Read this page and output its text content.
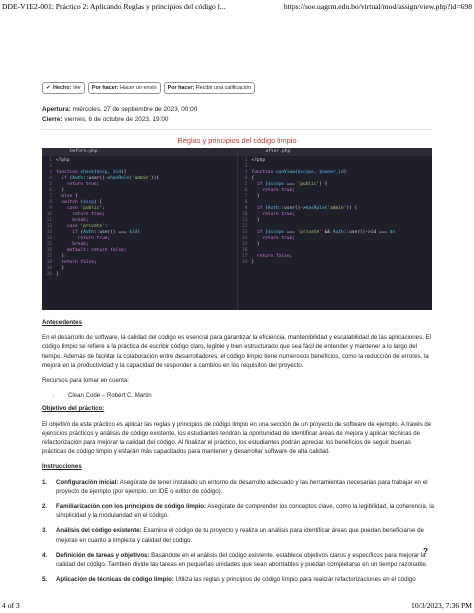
DDE-V1E2-001: Práctico 2: Aplicando Reglas y principios del código l...	https://soe.uagrm.edu.bo/virtual/mod/assign/view.php?id=698
✔ Hecho: Ver	Por hacer: Hacer un envío	Por hacer: Recibir una calificación
Apertura: miércoles, 27 de septiembre de 2023, 00:00
Cierre: viernes, 6 de octubre de 2023, 19:00
Reglas y principios del código limpio
before.php
1 <?php
2
3 function check($scp, $id){
4	if (Auth::user()->hasRole('admin')){
5	return true;
6 }
7	else {
8	switch ($scp) {
9	case 'public':
10	return true;
11	break;
12	case 'private':
13	if (Auth::user() === $id)
14	return true;
15	break;
16	default: return false;
17 }
18	return false;
19 }
20 }
after.php
1 <?php
2
3 function canView($scope, $owner_id)
4 {
5	if ($scope === 'public') {
6	return true;
7 }
8
9	if (Auth::user()->hasRole('admin')) {
10	return true;
11 }
12
13	if ($scope === 'private' && Auth::user()->id === $o
14	return true;
15 }
16
17	return false;
18 }

Antecedentes

En el desarrollo de software, la calidad del código es esencial para garantizar la eficiencia, mantenibilidad y escalabilidad de las aplicaciones. El código limpio se refiere a la práctica de escribir código claro, legible y bien estructurado que sea fácil de entender y mantener a lo largo del tiempo. Además de facilitar la colaboración entre desarrolladores, el código limpio tiene numerosos beneficios, como la reducción de errores, la mejora en la productividad y la capacidad de responder a cambios en los requisitos del proyecto.

Recursos para tomar en cuenta:

· Clean Code – Robert C. Martin

Objetivo del práctico:

El objetivo de este práctico es aplicar las reglas y principios de código limpio en una sección de un proyecto de software de ejemplo. A través de ejercicios prácticos y análisis de código existente, los estudiantes tendrán la oportunidad de identificar áreas de mejora y aplicar técnicas de refactorización para mejorar la calidad del código. Al finalizar el práctico, los estudiantes podrán apreciar los beneficios de seguir buenas prácticas de código limpio y estarán más capacitados para mantener y desarrollar software de alta calidad.

Instrucciones

1.	Configuración inicial: Asegúrate de tener instalado un entorno de desarrollo adecuado y las herramientas necesarias para trabajar en el proyecto de ejemplo (por ejemplo, un IDE o editor de código).
2.	Familiarización con los principios de código limpio: Asegúrate de comprender los conceptos clave, como la legibilidad, la coherencia, la simplicidad y la modularidad en el código.
3.	Análisis del código existente: Examina el código de tu proyecto y realiza un análisis para identificar áreas que puedan beneficiarse de mejoras en cuanto a limpieza y calidad del código.
4.	Definición de tareas y objetivos: Basándote en el análisis del código existente, establece objetivos claros y específicos para mejorar la calidad del código. También divide las tareas en pequeñas unidades que sean abordables y puedan completarse en un tiempo razonable.
5.	Aplicación de técnicas de código limpio: Utiliza las reglas y principios de código limpio para realizar refactorizaciones en el código
?
4 of 3	10/3/2023, 7:36 PM
